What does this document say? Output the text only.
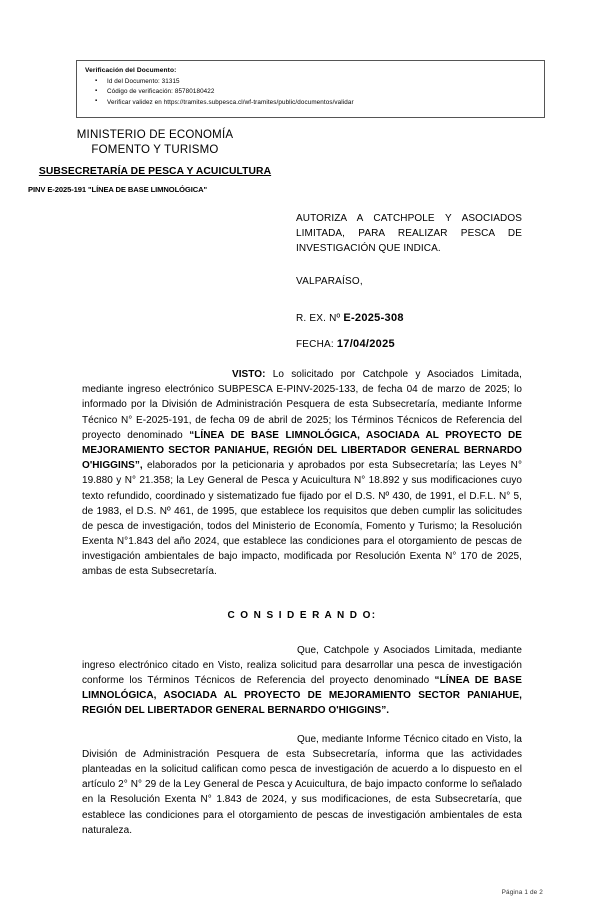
Verificación del Documento:
▪ Id del Documento: 31315
▪ Código de verificación: 85780180422
▪ Verificar validez en https://tramites.subpesca.cl/wf-tramites/public/documentos/validar
MINISTERIO DE ECONOMÍA
FOMENTO Y TURISMO
SUBSECRETARÍA DE PESCA Y ACUICULTURA
PINV E-2025-191 "LÍNEA DE BASE LIMNOLÓGICA"
AUTORIZA A CATCHPOLE Y ASOCIADOS LIMITADA, PARA REALIZAR PESCA DE INVESTIGACIÓN QUE INDICA.
VALPARAÍSO,
R. EX. Nº E-2025-308
FECHA: 17/04/2025

VISTO: Lo solicitado por Catchpole y Asociados Limitada, mediante ingreso electrónico SUBPESCA E-PINV-2025-133, de fecha 04 de marzo de 2025; lo informado por la División de Administración Pesquera de esta Subsecretaría, mediante Informe Técnico N° E-2025-191, de fecha 09 de abril de 2025; los Términos Técnicos de Referencia del proyecto denominado “LÍNEA DE BASE LIMNOLÓGICA, ASOCIADA AL PROYECTO DE MEJORAMIENTO SECTOR PANIAHUE, REGIÓN DEL LIBERTADOR GENERAL BERNARDO O'HIGGINS”, elaborados por la peticionaria y aprobados por esta Subsecretaría; las Leyes N° 19.880 y N° 21.358; la Ley General de Pesca y Acuicultura N° 18.892 y sus modificaciones cuyo texto refundido, coordinado y sistematizado fue fijado por el D.S. Nº 430, de 1991, el D.F.L. N° 5, de 1983, el D.S. Nº 461, de 1995, que establece los requisitos que deben cumplir las solicitudes de pesca de investigación, todos del Ministerio de Economía, Fomento y Turismo; la Resolución Exenta N°1.843 del año 2024, que establece las condiciones para el otorgamiento de pescas de investigación ambientales de bajo impacto, modificada por Resolución Exenta N° 170 de 2025, ambas de esta Subsecretaría.

C O N S I D E R A N D O:

Que, Catchpole y Asociados Limitada, mediante ingreso electrónico citado en Visto, realiza solicitud para desarrollar una pesca de investigación conforme los Términos Técnicos de Referencia del proyecto denominado “LÍNEA DE BASE LIMNOLÓGICA, ASOCIADA AL PROYECTO DE MEJORAMIENTO SECTOR PANIAHUE, REGIÓN DEL LIBERTADOR GENERAL BERNARDO O'HIGGINS”.

Que, mediante Informe Técnico citado en Visto, la División de Administración Pesquera de esta Subsecretaría, informa que las actividades planteadas en la solicitud califican como pesca de investigación de acuerdo a lo dispuesto en el artículo 2° N° 29 de la Ley General de Pesca y Acuicultura, de bajo impacto conforme lo señalado en la Resolución Exenta N° 1.843 de 2024, y sus modificaciones, de esta Subsecretaría, que establece las condiciones para el otorgamiento de pescas de investigación ambientales de esta naturaleza.

Página 1 de 2
